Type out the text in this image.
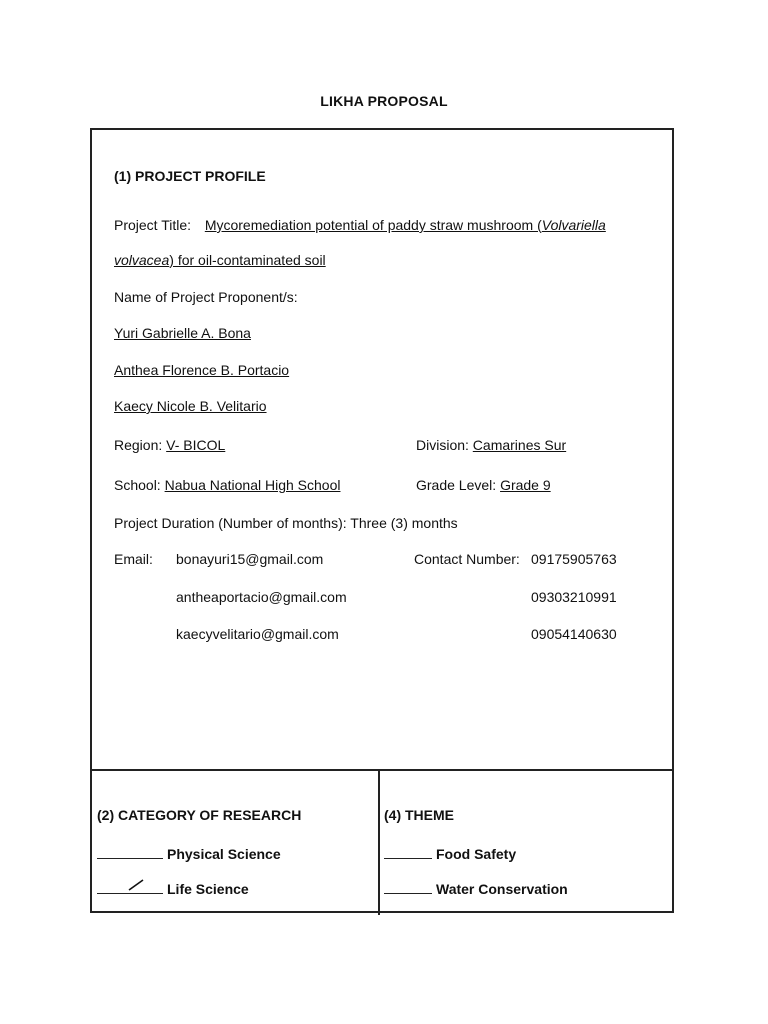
LIKHA PROPOSAL
(1) PROJECT PROFILE
Project Title: Mycoremediation potential of paddy straw mushroom (Volvariella
volvacea) for oil-contaminated soil
Name of Project Proponent/s:
Yuri Gabrielle A. Bona
Anthea Florence B. Portacio
Kaecy Nicole B. Velitario
Region: V- BICOL	Division: Camarines Sur
School: Nabua National High School	Grade Level: Grade 9
Project Duration (Number of months): Three (3) months
Email: bonayuri15@gmail.com
antheaportacio@gmail.com
kaecyvelitario@gmail.com
Contact Number: 09175905763
09303210991
09054140630
(2) CATEGORY OF RESEARCH
Physical Science
Life Science
(4) THEME
Food Safety
Water Conservation
